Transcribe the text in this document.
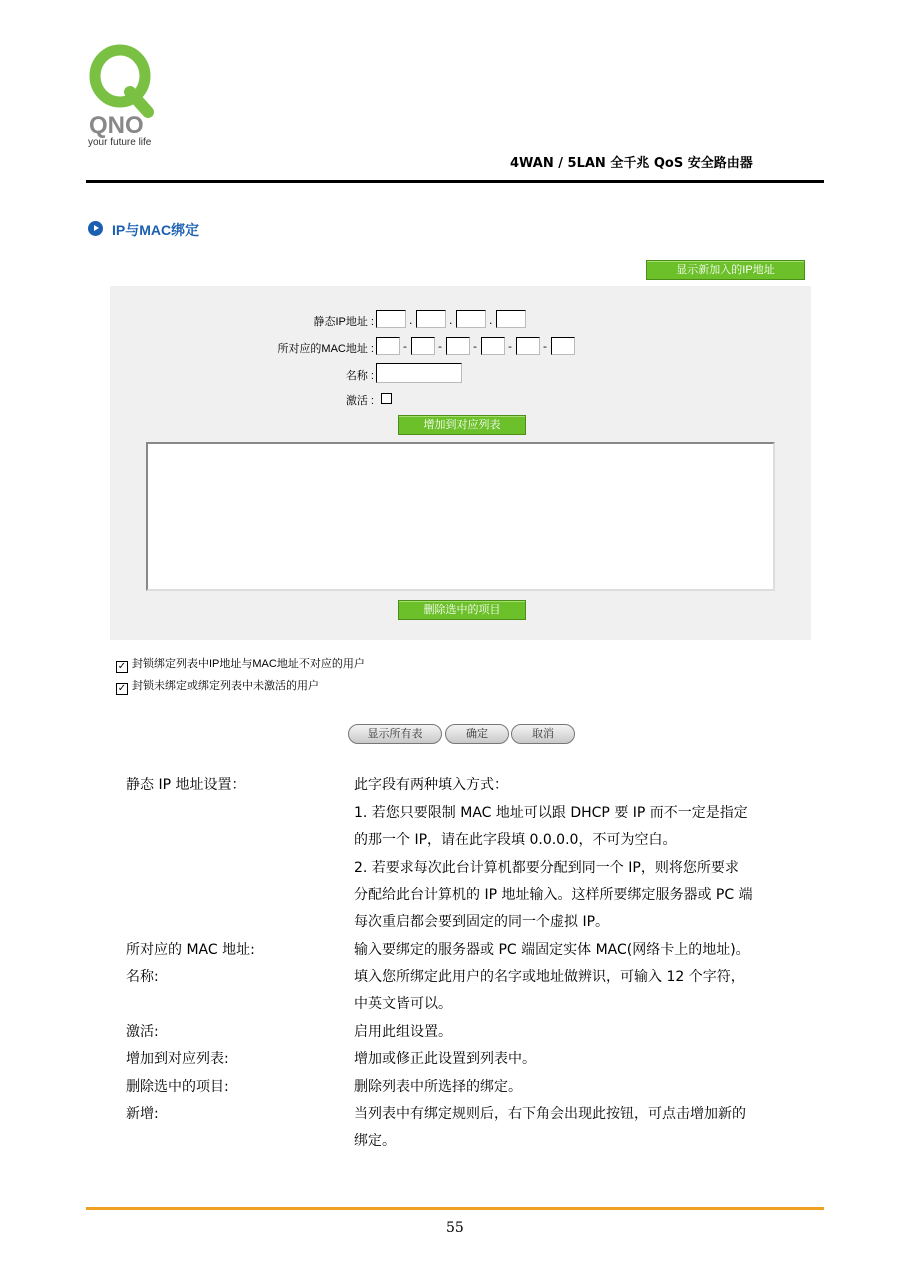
QNO
your future life
4WAN / 5LAN 全千兆 QoS 安全路由器
IP与MAC绑定
显示新加入的IP地址
静态IP地址 :	.	.	.
所对应的MAC地址 :	-	-	-	-	-
名称 :
激活 :
增加到对应列表
删除选中的项目
✓ 封锁绑定列表中IP地址与MAC地址不对应的用户
✓ 封锁未绑定或绑定列表中未激活的用户
显示所有表	确定	取消
静态 IP 地址设置：	此字段有两种填入方式：
1. 若您只要限制 MAC 地址可以跟 DHCP 要 IP 而不一定是指定
的那一个 IP，请在此字段填 0.0.0.0，不可为空白。
2. 若要求每次此台计算机都要分配到同一个 IP，则将您所要求
分配给此台计算机的 IP 地址输入。这样所要绑定服务器或 PC 端
每次重启都会要到固定的同一个虚拟 IP。
所对应的 MAC 地址:	输入要绑定的服务器或 PC 端固定实体 MAC(网络卡上的地址)。
名称:	填入您所绑定此用户的名字或地址做辨识，可输入 12 个字符，
中英文皆可以。
激活:	启用此组设置。
增加到对应列表:	增加或修正此设置到列表中。
删除选中的项目:	删除列表中所选择的绑定。
新增:	当列表中有绑定规则后，右下角会出现此按钮，可点击增加新的
绑定。
55
